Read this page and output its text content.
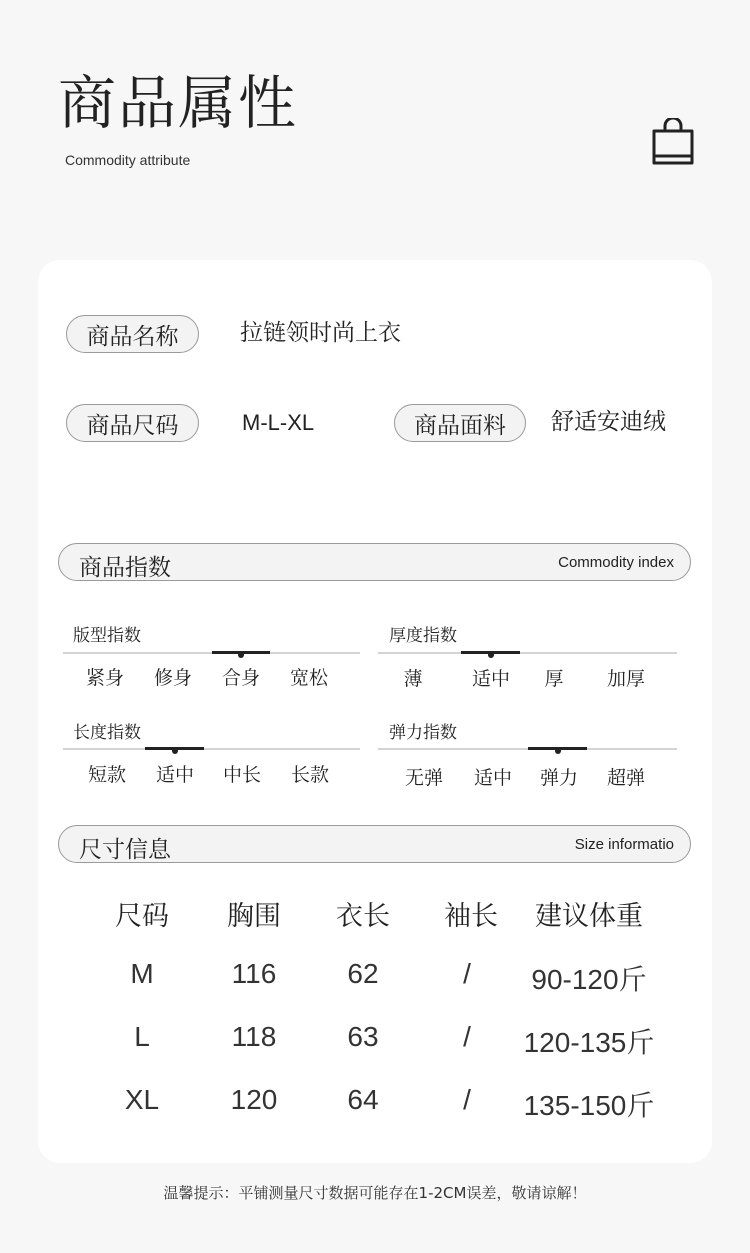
商品属性
Commodity attribute
商品名称	拉链领时尚上衣
商品尺码	M-L-XL	商品面料	舒适安迪绒
商品指数	Commodity index
版型指数
紧身	修身	合身	宽松
厚度指数
薄	适中	厚	加厚
长度指数
短款	适中	中长	长款
弹力指数
无弹	适中	弹力	超弹
尺寸信息	Size informatio
尺码	胸围	衣长	袖长	建议体重
M	116	62	/	90-120斤
L	118	63	/	120-135斤
XL	120	64	/	135-150斤
温馨提示：平铺测量尺寸数据可能存在1-2CM误差，敬请谅解！
